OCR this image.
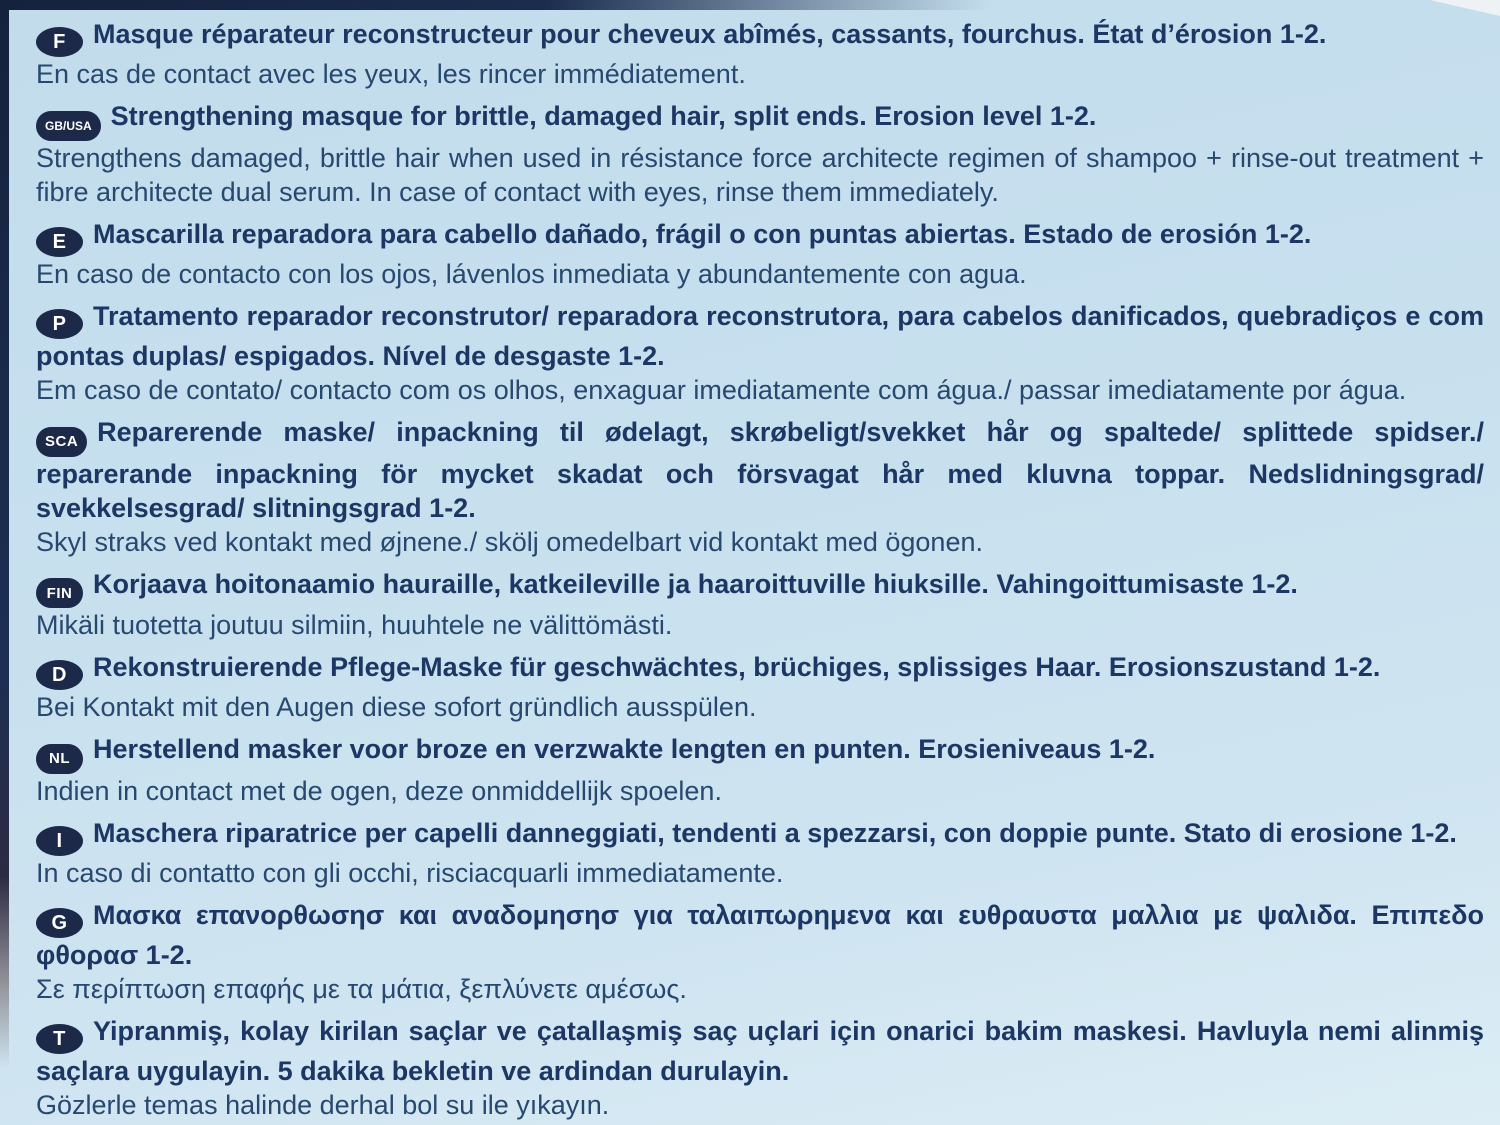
F Masque réparateur reconstructeur pour cheveux abîmés, cassants, fourchus. État d’érosion 1-2.

En cas de contact avec les yeux, les rincer immédiatement.

GB/USA Strengthening masque for brittle, damaged hair, split ends. Erosion level 1-2.

Strengthens damaged, brittle hair when used in résistance force architecte regimen of shampoo + rinse-out treatment + fibre architecte dual serum. In case of contact with eyes, rinse them immediately.

E Mascarilla reparadora para cabello dañado, frágil o con puntas abiertas. Estado de erosión 1-2.

En caso de contacto con los ojos, lávenlos inmediata y abundantemente con agua.

P Tratamento reparador reconstrutor/ reparadora reconstrutora, para cabelos danificados, quebradiços e com pontas duplas/ espigados. Nível de desgaste 1-2.

Em caso de contato/ contacto com os olhos, enxaguar imediatamente com água./ passar imediatamente por água.

SCA Reparerende maske/ inpackning til ødelagt, skrøbeligt/svekket hår og spaltede/ splittede spidser./ reparerande inpackning för mycket skadat och försvagat hår med kluvna toppar. Nedslidningsgrad/ svekkelsesgrad/ slitningsgrad 1-2.

Skyl straks ved kontakt med øjnene./ skölj omedelbart vid kontakt med ögonen.

FIN Korjaava hoitonaamio hauraille, katkeileville ja haaroittuville hiuksille. Vahingoittumisaste 1-2.

Mikäli tuotetta joutuu silmiin, huuhtele ne välittömästi.

D Rekonstruierende Pflege-Maske für geschwächtes, brüchiges, splissiges Haar. Erosionszustand 1-2.

Bei Kontakt mit den Augen diese sofort gründlich ausspülen.

NL Herstellend masker voor broze en verzwakte lengten en punten. Erosieniveaus 1-2.

Indien in contact met de ogen, deze onmiddellijk spoelen.

I Maschera riparatrice per capelli danneggiati, tendenti a spezzarsi, con doppie punte. Stato di erosione 1-2.

In caso di contatto con gli occhi, risciacquarli immediatamente.

G Μασκα επανορθωσησ και αναδομησησ για ταλαιπωρημενα και ευθραυστα μαλλια με ψαλιδα. Επιπεδο φθορασ 1-2.

Σε περίπτωση επαφής με τα μάτια, ξεπλύνετε αμέσως.

T Yipranmiş, kolay kirilan saçlar ve çatallaşmiş saç uçlari için onarici bakim maskesi. Havluyla nemi alinmiş saçlara uygulayin. 5 dakika bekletin ve ardindan durulayin.

Gözlerle temas halinde derhal bol su ile yıkayın.
